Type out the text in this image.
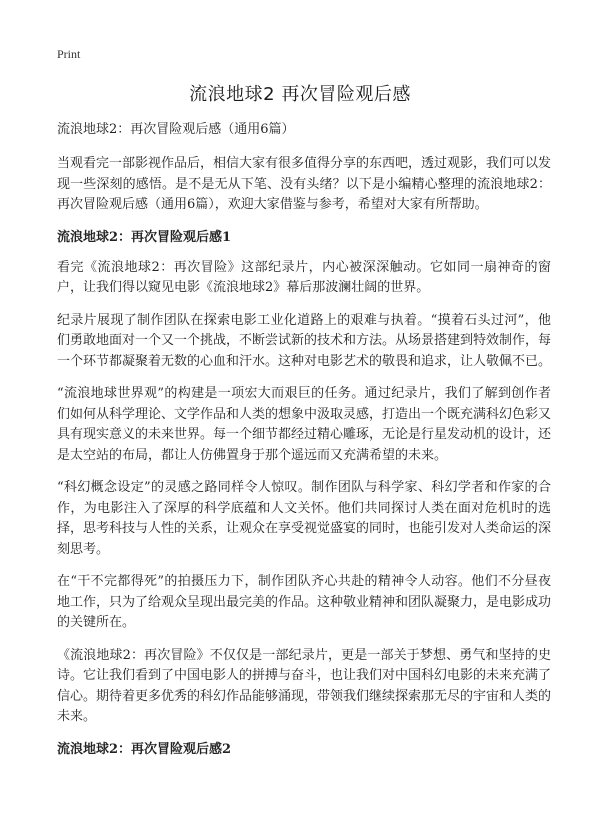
Print
流浪地球2 再次冒险观后感
流浪地球2：再次冒险观后感（通用6篇）

当观看完一部影视作品后，相信大家有很多值得分享的东西吧，透过观影，我们可以发现一些深刻的感悟。是不是无从下笔、没有头绪？以下是小编精心整理的流浪地球2：再次冒险观后感（通用6篇），欢迎大家借鉴与参考，希望对大家有所帮助。

流浪地球2：再次冒险观后感1

看完《流浪地球2：再次冒险》这部纪录片，内心被深深触动。它如同一扇神奇的窗户，让我们得以窥见电影《流浪地球2》幕后那波澜壮阔的世界。

纪录片展现了制作团队在探索电影工业化道路上的艰难与执着。“摸着石头过河”，他们勇敢地面对一个又一个挑战，不断尝试新的技术和方法。从场景搭建到特效制作，每一个环节都凝聚着无数的心血和汗水。这种对电影艺术的敬畏和追求，让人敬佩不已。

“流浪地球世界观”的构建是一项宏大而艰巨的任务。通过纪录片，我们了解到创作者们如何从科学理论、文学作品和人类的想象中汲取灵感，打造出一个既充满科幻色彩又具有现实意义的未来世界。每一个细节都经过精心雕琢，无论是行星发动机的设计，还是太空站的布局，都让人仿佛置身于那个遥远而又充满希望的未来。

“科幻概念设定”的灵感之路同样令人惊叹。制作团队与科学家、科幻学者和作家的合作，为电影注入了深厚的科学底蕴和人文关怀。他们共同探讨人类在面对危机时的选择，思考科技与人性的关系，让观众在享受视觉盛宴的同时，也能引发对人类命运的深刻思考。

在“干不完都得死”的拍摄压力下，制作团队齐心共赴的精神令人动容。他们不分昼夜地工作，只为了给观众呈现出最完美的作品。这种敬业精神和团队凝聚力，是电影成功的关键所在。

《流浪地球2：再次冒险》不仅仅是一部纪录片，更是一部关于梦想、勇气和坚持的史诗。它让我们看到了中国电影人的拼搏与奋斗，也让我们对中国科幻电影的未来充满了信心。期待着更多优秀的科幻作品能够涌现，带领我们继续探索那无尽的宇宙和人类的未来。

流浪地球2：再次冒险观后感2
